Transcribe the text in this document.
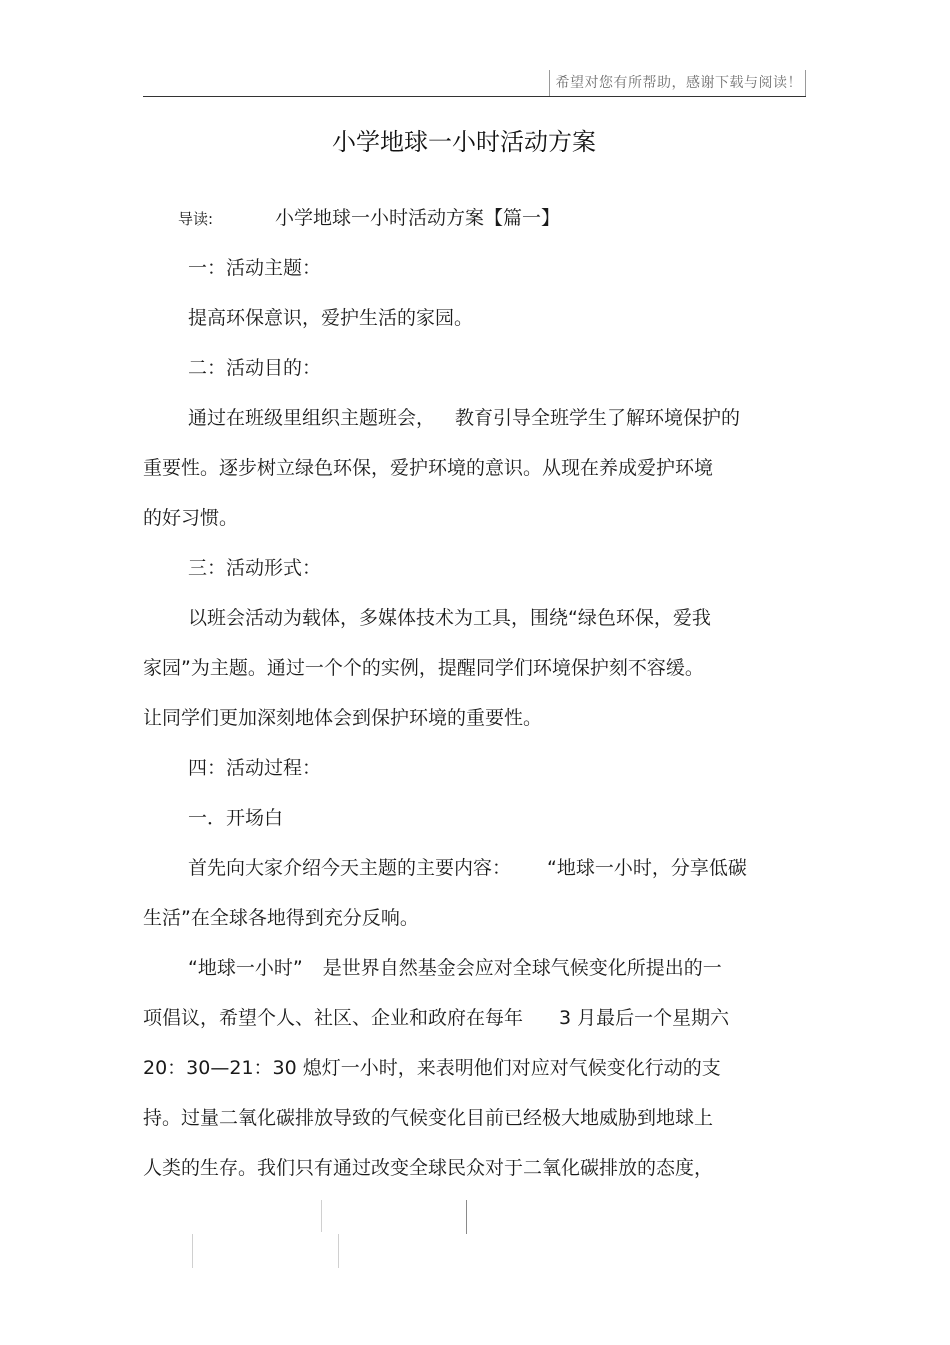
希望对您有所帮助，感谢下载与阅读！
小学地球一小时活动方案
导读:	小学地球一小时活动方案【篇一】
一：活动主题：
提高环保意识，爱护生活的家园。
二：活动目的：
通过在班级里组织主题班会， 教育引导全班学生了解环境保护的
重要性。逐步树立绿色环保，爱护环境的意识。从现在养成爱护环境
的好习惯。
三：活动形式：
以班会活动为载体，多媒体技术为工具，围绕“绿色环保，爱我
家园”为主题。通过一个个的实例，提醒同学们环境保护刻不容缓。
让同学们更加深刻地体会到保护环境的重要性。
四：活动过程：
一．开场白
首先向大家介绍今天主题的主要内容： “地球一小时，分享低碳
生活”在全球各地得到充分反响。
“地球一小时” 是世界自然基金会应对全球气候变化所提出的一
项倡议，希望个人、社区、企业和政府在每年 3 月最后一个星期六
20：30—21：30 熄灯一小时，来表明他们对应对气候变化行动的支
持。过量二氧化碳排放导致的气候变化目前已经极大地威胁到地球上
人类的生存。我们只有通过改变全球民众对于二氧化碳排放的态度，
